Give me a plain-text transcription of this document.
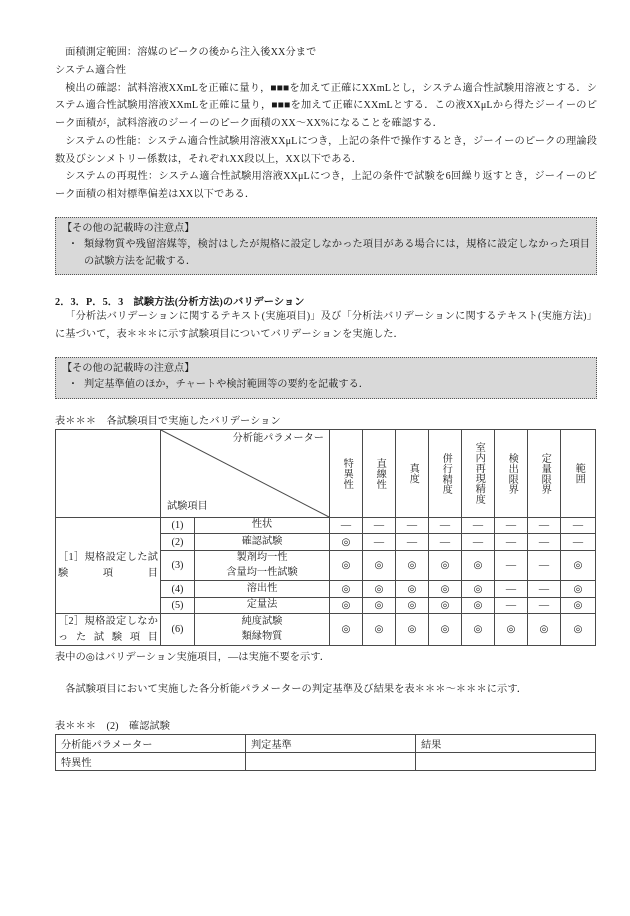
面積測定範囲：溶媒のピークの後から注入後XX分まで

システム適合性

検出の確認：試料溶液XXmLを正確に量り，■■■を加えて正確にXXmLとし，システム適合性試験用溶液とする．システム適合性試験用溶液XXmLを正確に量り，■■■を加えて正確にXXmLとする．この液XXμLから得たジーイーのピーク面積が，試料溶液のジーイーのピーク面積のXX〜XX%になることを確認する．

システムの性能：システム適合性試験用溶液XXμLにつき，上記の条件で操作するとき，ジーイーのピークの理論段数及びシンメトリー係数は，それぞれXX段以上，XX以下である．

システムの再現性：システム適合性試験用溶液XXμLにつき，上記の条件で試験を6回繰り返すとき，ジーイーのピーク面積の相対標準偏差はXX以下である．

【その他の記載時の注意点】

・ 類縁物質や残留溶媒等，検討はしたが規格に設定しなかった項目がある場合には，規格に設定しなかった項目の試験方法を記載する．

2．3．P．5．3　試験方法(分析方法)のバリデーション

「分析法バリデーションに関するテキスト(実施項目)」及び「分析法バリデーションに関するテキスト(実施方法)」に基づいて，表＊＊＊に示す試験項目についてバリデーションを実施した．

【その他の記載時の注意点】

・ 判定基準値のほか，チャートや検討範囲等の要約を記載する．

表＊＊＊　各試験項目で実施したバリデーション

	分析能パラメーター
試験項目		特異性	直線性	真度	併行精度	室内再現精度	検出限界	定量限界	範囲

［1］規格設定した試験項目	(1)	性状	—	—	—	—	—	—	—	—
	(2)	確認試験	◎	—	—	—	—	—	—	—
	(3)	製剤均一性
含量均一性試験	◎	◎	◎	◎	◎	—	—	◎
	(4)	溶出性	◎	◎	◎	◎	◎	—	—	◎
	(5)	定量法	◎	◎	◎	◎	◎	—	—	◎

［2］規格設定しなかった試験項目	(6)	純度試験
類縁物質	◎	◎	◎	◎	◎	◎	◎	◎

表中の◎はバリデーション実施項目，—は実施不要を示す．

各試験項目において実施した各分析能パラメーターの判定基準及び結果を表＊＊＊〜＊＊＊に示す．

表＊＊＊　(2)　確認試験

分析能パラメーター	判定基準	結果
特異性		
